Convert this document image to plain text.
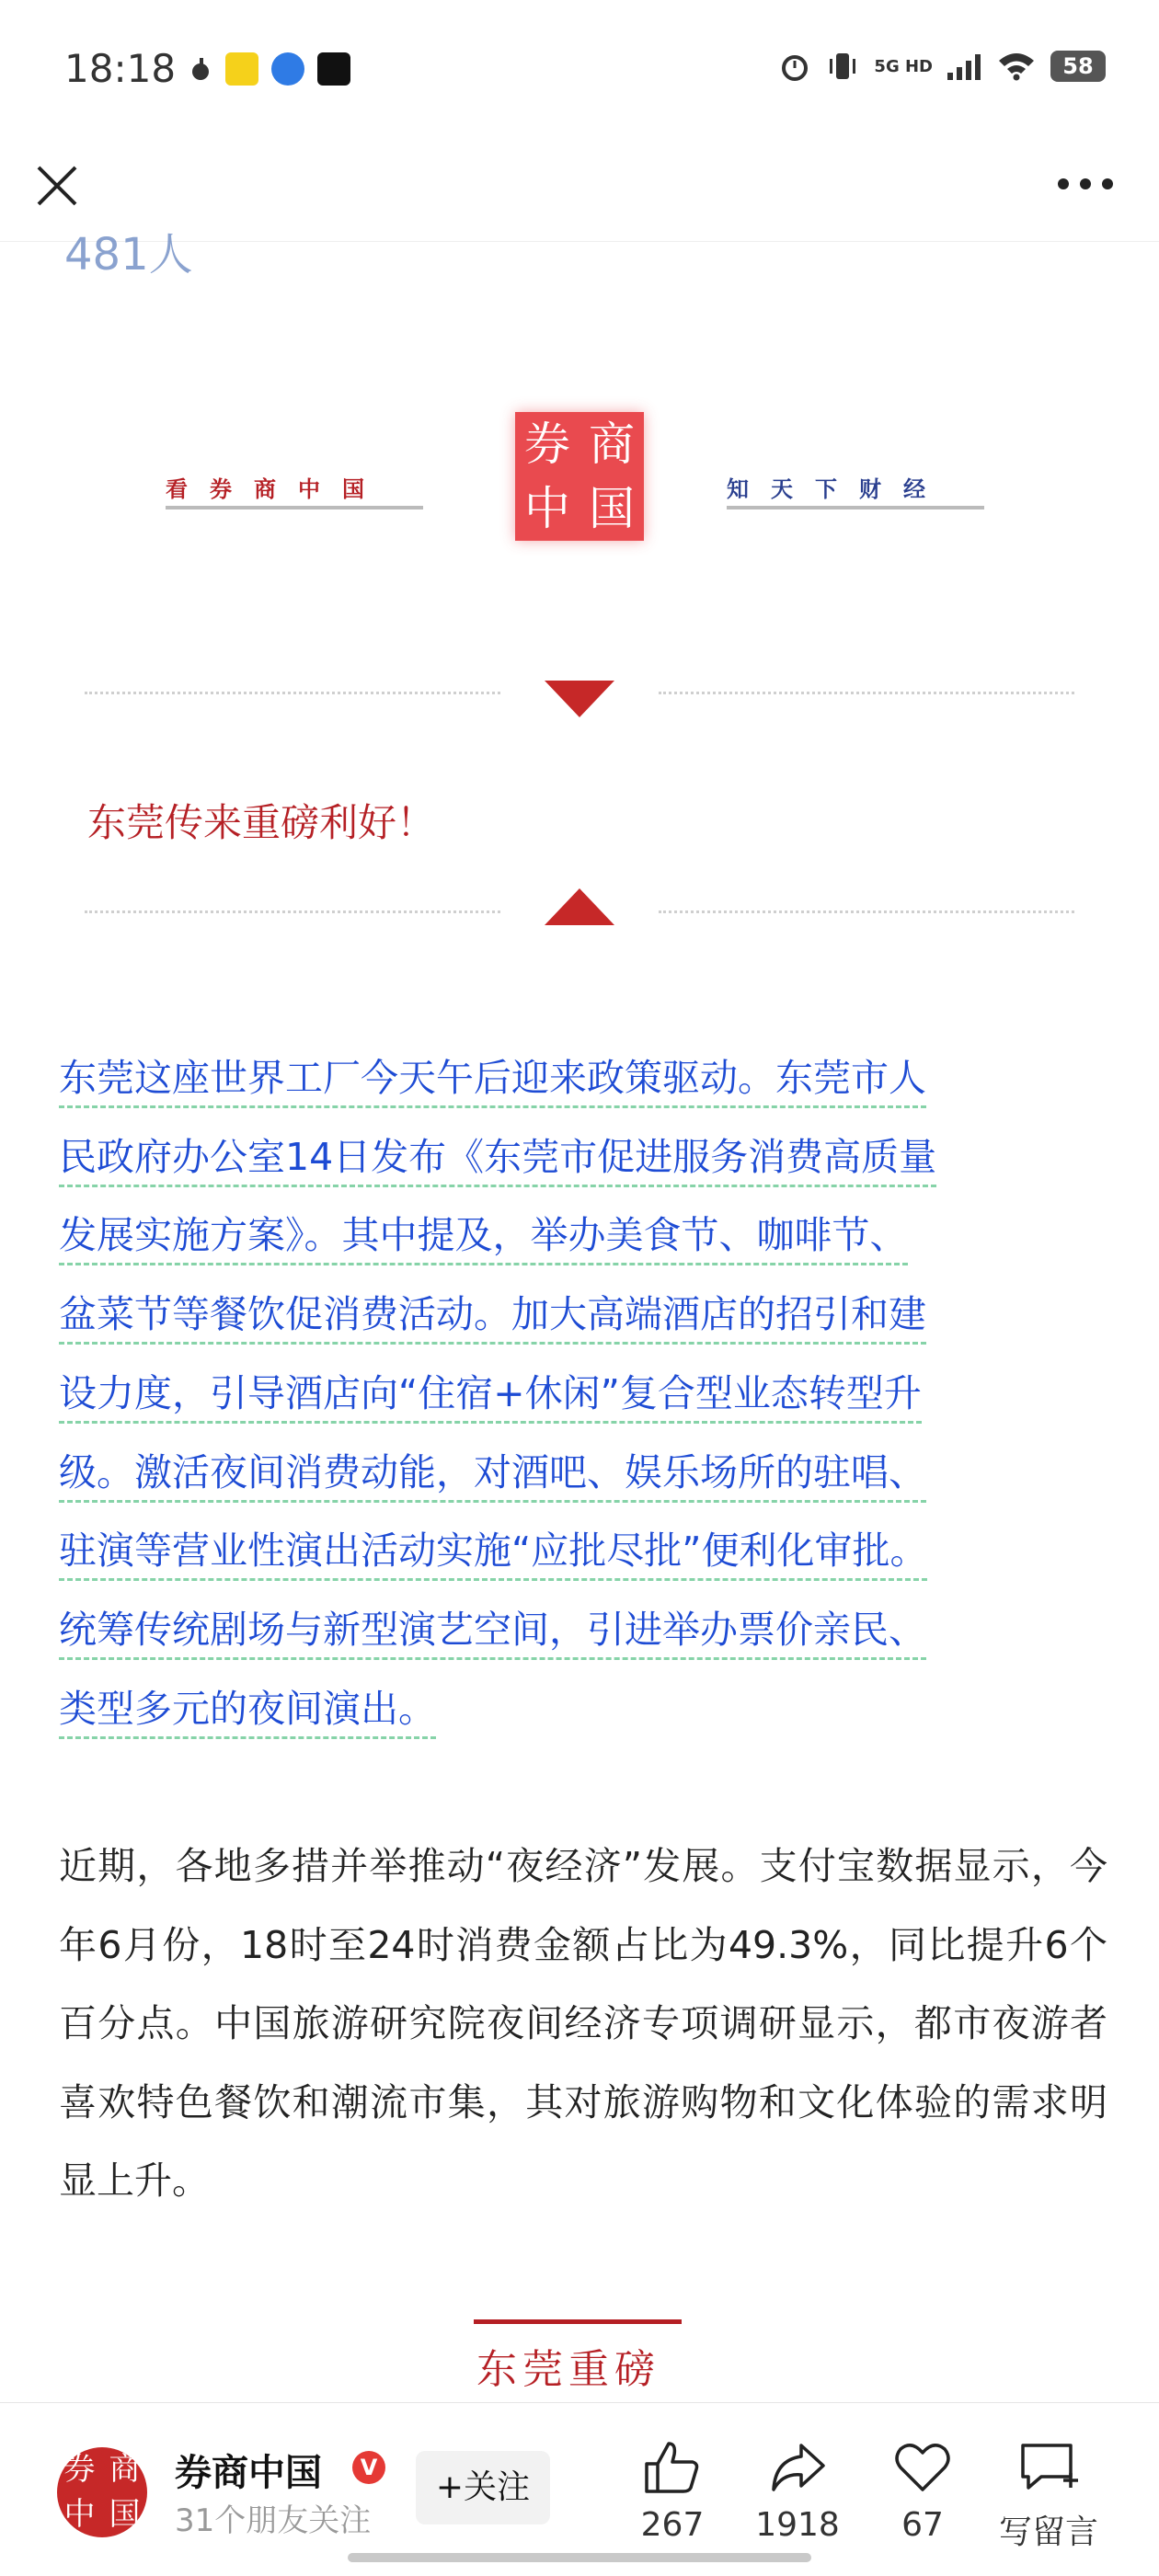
18:18	5G HD	58
481人
看券商中国
券 商
中 国	知天下财经
东莞传来重磅利好！
东莞这座世界工厂今天午后迎来政策驱动。东莞市人
民政府办公室14日发布《东莞市促进服务消费高质量
发展实施方案》。其中提及，举办美食节、咖啡节、
盆菜节等餐饮促消费活动。加大高端酒店的招引和建
设力度，引导酒店向“住宿+休闲”复合型业态转型升
级。激活夜间消费动能，对酒吧、娱乐场所的驻唱、
驻演等营业性演出活动实施“应批尽批”便利化审批。
统筹传统剧场与新型演艺空间，引进举办票价亲民、
类型多元的夜间演出。
近期，各地多措并举推动“夜经济”发展。支付宝数据显示，今年6月份，18时至24时消费金额占比为49.3%，同比提升6个百分点。中国旅游研究院夜间经济专项调研显示，都市夜游者喜欢特色餐饮和潮流市集，其对旅游购物和文化体验的需求明显上升。
东莞重磅
券 商
中 国
券商中国	V
31个朋友关注
+关注
267	1918	67	写留言
